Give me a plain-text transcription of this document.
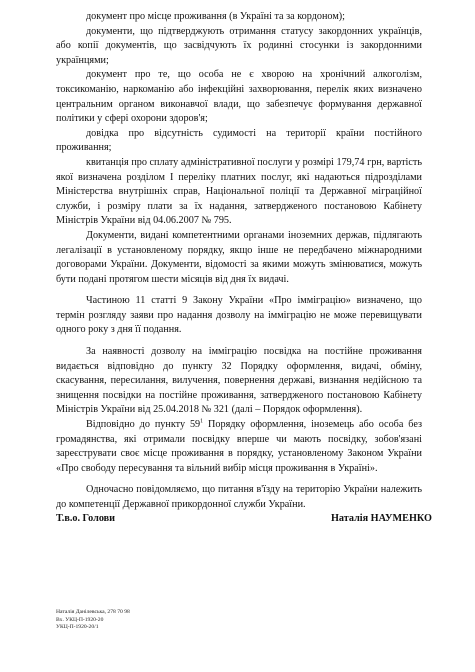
документ про місце проживання (в Україні та за кордоном);

документи, що підтверджують отримання статусу закордонних українців, або копії документів, що засвідчують їх родинні стосунки із закордонними українцями;

документ про те, що особа не є хворою на хронічний алкоголізм, токсикоманію, наркоманію або інфекційні захворювання, перелік яких визначено центральним органом виконавчої влади, що забезпечує формування державної політики у сфері охорони здоров'я;

довідка про відсутність судимості на території країни постійного проживання;

квитанція про сплату адміністративної послуги у розмірі 179,74 грн, вартість якої визначена розділом I переліку платних послуг, які надаються підрозділами Міністерства внутрішніх справ, Національної поліції та Державної міграційної служби, і розміру плати за їх надання, затвердженого постановою Кабінету Міністрів України від 04.06.2007 № 795.

Документи, видані компетентними органами іноземних держав, підлягають легалізації в установленому порядку, якщо інше не передбачено міжнародними договорами України. Документи, відомості за якими можуть змінюватися, можуть бути подані протягом шести місяців від дня їх видачі.

Частиною 11 статті 9 Закону України «Про імміграцію» визначено, що термін розгляду заяви про надання дозволу на імміграцію не може перевищувати одного року з дня її подання.

За наявності дозволу на імміграцію посвідка на постійне проживання видається відповідно до пункту 32 Порядку оформлення, видачі, обміну, скасування, пересилання, вилучення, повернення державі, визнання недійсною та знищення посвідки на постійне проживання, затвердженого постановою Кабінету Міністрів України від 25.04.2018 № 321 (далі – Порядок оформлення).

Відповідно до пункту $59^1$ Порядку оформлення, іноземець або особа без громадянства, які отримали посвідку вперше чи мають посвідку, зобов'язані зареєструвати своє місце проживання в порядку, установленому Законом України «Про свободу пересування та вільний вибір місця проживання в Україні».

Одночасно повідомляємо, що питання в'їзду на територію України належить до компетенції Державної прикордонної служби України.

Т.в.о. Голови	Наталія НАУМЕНКО
Наталія Данілевська, 278 70 98
Вх. УКЦ-П-1920-20
УКЦ-П-1920-20/1
